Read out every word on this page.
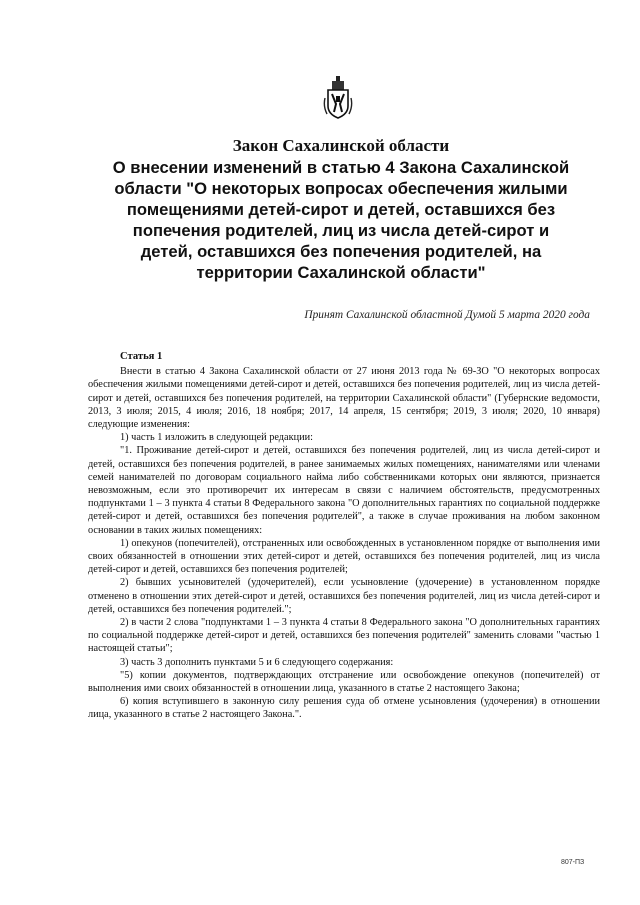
Закон Сахалинской области
О внесении изменений в статью 4 Закона Сахалинской области "О некоторых вопросах обеспечения жилыми помещениями детей-сирот и детей, оставшихся без попечения родителей, лиц из числа детей-сирот и детей, оставшихся без попечения родителей, на территории Сахалинской области"
Принят Сахалинской областной Думой 5 марта 2020 года
Статья 1

Внести в статью 4 Закона Сахалинской области от 27 июня 2013 года № 69-ЗО "О некоторых вопросах обеспечения жилыми помещениями детей-сирот и детей, оставшихся без попечения родителей, лиц из числа детей-сирот и детей, оставшихся без попечения родителей, на территории Сахалинской области" (Губернские ведомости, 2013, 3 июля; 2015, 4 июля; 2016, 18 ноября; 2017, 14 апреля, 15 сентября; 2019, 3 июля; 2020, 10 января) следующие изменения:

1) часть 1 изложить в следующей редакции:

"1. Проживание детей-сирот и детей, оставшихся без попечения родителей, лиц из числа детей-сирот и детей, оставшихся без попечения родителей, в ранее занимаемых жилых помещениях, нанимателями или членами семей нанимателей по договорам социального найма либо собственниками которых они являются, признается невозможным, если это противоречит их интересам в связи с наличием обстоятельств, предусмотренных подпунктами 1 – 3 пункта 4 статьи 8 Федерального закона "О дополнительных гарантиях по социальной поддержке детей-сирот и детей, оставшихся без попечения родителей", а также в случае проживания на любом законном основании в таких жилых помещениях:

1) опекунов (попечителей), отстраненных или освобожденных в установленном порядке от выполнения ими своих обязанностей в отношении этих детей-сирот и детей, оставшихся без попечения родителей, лиц из числа детей-сирот и детей, оставшихся без попечения родителей;

2) бывших усыновителей (удочерителей), если усыновление (удочерение) в установленном порядке отменено в отношении этих детей-сирот и детей, оставшихся без попечения родителей, лиц из числа детей-сирот и детей, оставшихся без попечения родителей.";

2) в части 2 слова "подпунктами 1 – 3 пункта 4 статьи 8 Федерального закона "О дополнительных гарантиях по социальной поддержке детей-сирот и детей, оставшихся без попечения родителей" заменить словами "частью 1 настоящей статьи";

3) часть 3 дополнить пунктами 5 и 6 следующего содержания:

"5) копии документов, подтверждающих отстранение или освобождение опекунов (попечителей) от выполнения ими своих обязанностей в отношении лица, указанного в статье 2 настоящего Закона;

6) копия вступившего в законную силу решения суда об отмене усыновления (удочерения) в отношении лица, указанного в статье 2 настоящего Закона.".

807-ПЗ
